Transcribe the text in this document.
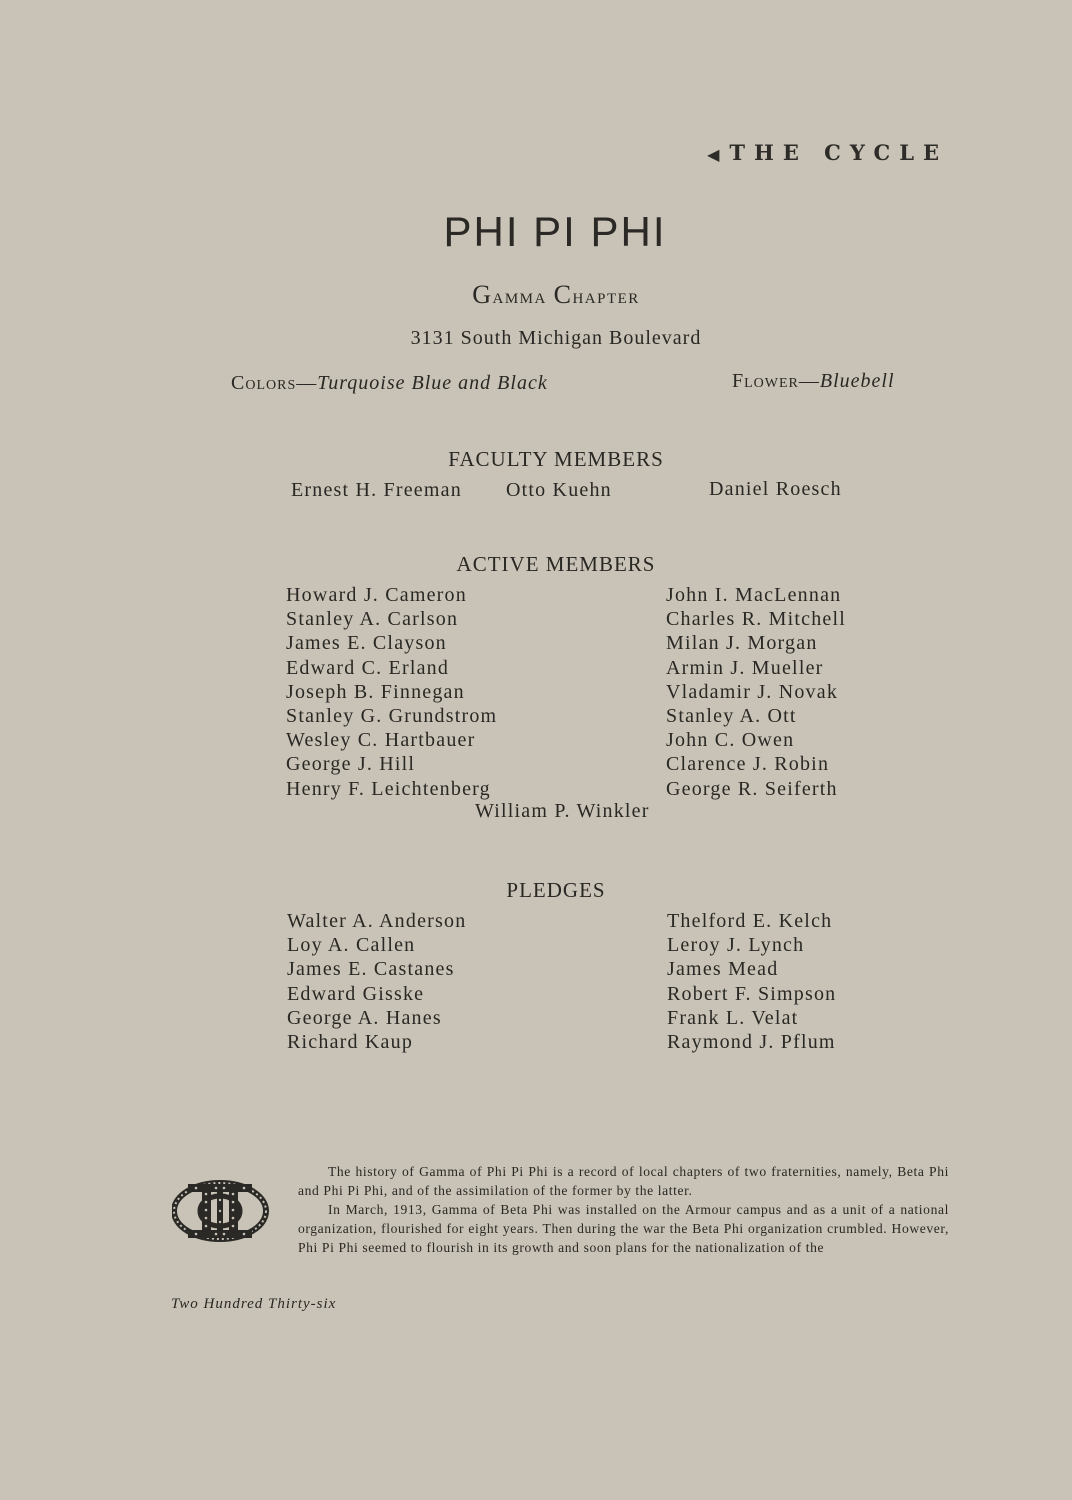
◀ THE CYCLE
PHI PI PHI
Gamma Chapter
3131 South Michigan Boulevard
Colors—Turquoise Blue and Black	Flower—Bluebell
FACULTY MEMBERS
Ernest H. Freeman Otto Kuehn	Daniel Roesch
ACTIVE MEMBERS
Howard J. Cameron
Stanley A. Carlson
James E. Clayson
Edward C. Erland
Joseph B. Finnegan
Stanley G. Grundstrom
Wesley C. Hartbauer
George J. Hill
Henry F. Leichtenberg
John I. MacLennan
Charles R. Mitchell
Milan J. Morgan
Armin J. Mueller
Vladamir J. Novak
Stanley A. Ott
John C. Owen
Clarence J. Robin
George R. Seiferth
William P. Winkler
PLEDGES
Walter A. Anderson
Loy A. Callen
James E. Castanes
Edward Gisske
George A. Hanes
Richard Kaup
Thelford E. Kelch
Leroy J. Lynch
James Mead
Robert F. Simpson
Frank L. Velat
Raymond J. Pflum

The history of Gamma of Phi Pi Phi is a record of local chapters of two fraternities, namely, Beta Phi and Phi Pi Phi, and of the assimilation of the former by the latter.

In March, 1913, Gamma of Beta Phi was installed on the Armour campus and as a unit of a national organization, flourished for eight years. Then during the war the Beta Phi organization crumbled. However, Phi Pi Phi seemed to flourish in its growth and soon plans for the nationalization of the

Two Hundred Thirty-six
